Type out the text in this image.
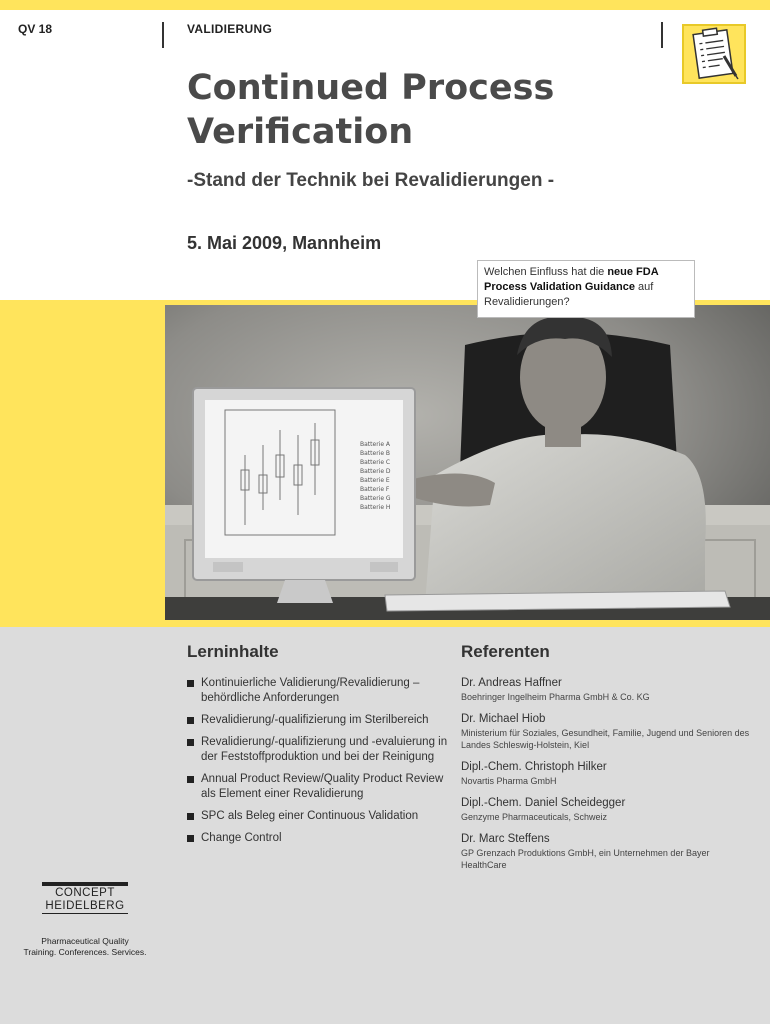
QV 18	VALIDIERUNG
Continued Process Verification
-Stand der Technik bei Revalidierungen -
5. Mai 2009, Mannheim
Batterie A
Batterie B
Batterie C
Batterie D
Batterie E
Batterie F
Batterie G
Batterie H
Welchen Einfluss hat die neue FDA Process Validation Guidance auf Revalidierungen?
Lerninhalte
Kontinuierliche Validierung/Revalidierung – behördliche Anforderungen
Revalidierung/-qualifizierung im Sterilbereich
Revalidierung/-qualifizierung und -evaluierung in der Feststoffproduktion und bei der Reinigung
Annual Product Review/Quality Product Review als Element einer Revalidierung
SPC als Beleg einer Continuous Validation
Change Control
Referenten
Dr. Andreas Haffner
Boehringer Ingelheim Pharma GmbH & Co. KG
Dr. Michael Hiob
Ministerium für Soziales, Gesundheit, Familie, Jugend und Senioren des Landes Schleswig-Holstein, Kiel
Dipl.-Chem. Christoph Hilker
Novartis Pharma GmbH
Dipl.-Chem. Daniel Scheidegger
Genzyme Pharmaceuticals, Schweiz
Dr. Marc Steffens
GP Grenzach Produktions GmbH, ein Unternehmen der Bayer HealthCare
CONCEPT
HEIDELBERG
Pharmaceutical Quality
Training. Conferences. Services.
